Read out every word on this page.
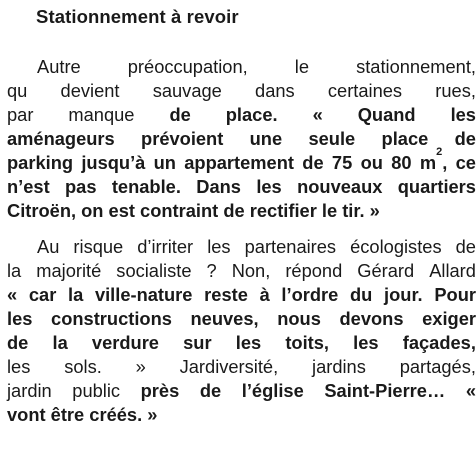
Stationnement à revoir
Autre	préoccupation,	le	stationnement,
qu devient sauvage dans certaines rues,
par manque de place. « Quand les
aménageurs prévoient une seule place de
parking jusqu’à un appartement de 75 ou 80 $m^2$, ce
n’est pas tenable. Dans les nouveaux quartiers
Citroën, on est contraint de rectifier le tir. »
Au risque d’irriter les partenaires écologistes de
la majorité socialiste ? Non, répond Gérard Allard
« car la ville-nature reste à l’ordre du jour. Pour
les constructions neuves, nous devons exiger
de la verdure sur les toits, les façades,
les sols. » Jardiversité, jardins partagés,
jardin public près de l’église Saint-Pierre… «
vont être créés. »
